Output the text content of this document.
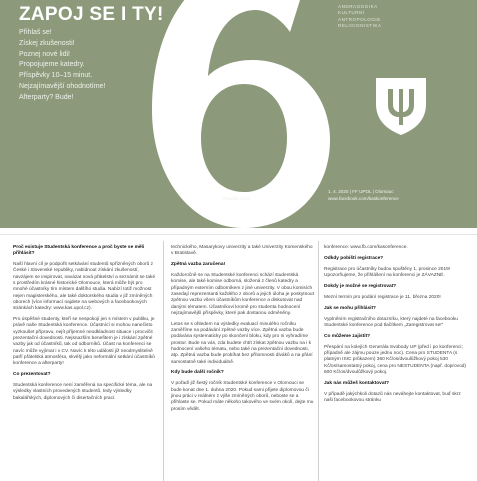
ZAPOJ SE I TY!
Přihlaš se!
Získej zkušenosti!
Poznej nové lidi!
Propojujeme katedry.
Příspěvky 10–15 minut.
Nejzajímavější ohodnotíme!
Afterparty? Bude!
ANDRAGOGIKA
KULTURNÍ
ANTROPOLOGIE
RELIGIONISTIKA
#studkon2020
1. 4. 2020 | FF UPOL | Olomouc
www.facebook.com/kaskonference

Proč existuje Studentská konference a proč byste se měli přihlásit?

Naší hlavní cíl je podpořit setkávání studentů spřízněných oborů z České i Slovenské republiky, nabídnout získání zkušeností, navzájem se inspirovat, navázat nová přátelství a seznámit se také s prostředím krásné historické Olomouce, která může být pro mnohé účastníky tím místem dalšího studia. Nabízí totiž možnost nejen magisterského, ale také doktorského studia v již zmíněných oborech (více informací najdete na webových a facebookových stránkách katedry: www.kas.upol.cz).

Pro úspěšné studenty, kteří se nespokojí jen s místem v publiku, je právě naše Studentská konference. Účastnící si mohou nanečisto vyzkoušet přípravu, nejít příjemné neodkladnost situace i procvičit prezentační dovednosti. Nejsnazším benefitem je i získání zpětné vazby jak od účastníků, tak od odborníků. Účast na konferenci se navíc může vyjímat i v CV. Navíc k této události již neodmyslitelně patří přátelská atmosféra, skvělý jako neformální setkání účastníků konference a afterparty!

Co prezentovat?

Studentská konference není zaměřená na specifické téma, ale na výsledky vlastních provedených studentů, tedy výsledky bakalářských, diplomových či disertačních prací.

technického, Masarykovy univerzity a také Univerzity Komenského v Bratislavě.

Zpětná vazba zaručena!

Každoročně se na Studentské konferenci schází studentská komise, ale také komise odborná, složená z členů katedry a případným externím odborníkem z jiné univerzity. V obou komisích zasedají reprezentanti každého z oborů a jejich úloha je poskytnout zpětnou vazbu všem účastníkům konference a diskutovat nad danými tématem. Účastníkovi kromě pro studenta hodnocení nejzajímavější příspěvky, které pak dostanou odměněny.

Letos se s ohledem na výsledky evaluací minulého ročníku zaměříme na podávání zpětné vazby více. Zpětná vazba bude podávána systematicky po skončení bloku, kdy pro ni vyhradíme prostor. Bude na vás, zda budete chtít získat zpětnou vazbu na i k hodnocení vašeho tématu, nebo také na prezentační dovednosti, atp. Zpětná vazba bude probíhat bez přítomnosti diváků a na přání samostatně také individuálně.

Kdy bude další ročník?

V pořadí již šestý ročník Studentské konference v Olomouci se bude konat dne 1. dubna 2020. Pokud sami přijete diplomovou či jinou práci v reálném z výše zmíněných oborů, neboste se a přihlaste se. Pokud máte někoho takového ve svém okolí, dejte mu prosím vědět.

konference: www.fb.com/kasonference.

Odkdy pobíští registrace?

Registrace pro účastníky budou spuštěny 1. prosince 2019! Upozorňujeme, že přihlášení na konferenci je ZÁVAZNÉ.

Dokdy je možné se registrovat?

Mezní termín pro podání registrace je 11. března 2020!

Jak se mohu přihlásit?

Vyplněním registračního dotazníku, který najdeté na facebooku Studentské konference pod tlačítkem „Zaregistrovat se!“

Co můžeme zajistit?

Přespání na kolejích Generála Svobody UP (před i po konferenci; případně ale zájmu pouze jednu noc). Cena pro STUDENTA (s platným ISIC průkazem) 360 Kč/os/dvoulůžkový pokoj 530 Kč/os/samostatný pokoj, cena pro NESTUDENTA (např. doprovod) 600 Kč/os/dvoulůžkový pokoj.

Jak nás můžeš kontaktovat?

V případě jakýchkoli dotazů nás neváhejte kontaktovat, buď skrz naši facebookovou stránku
